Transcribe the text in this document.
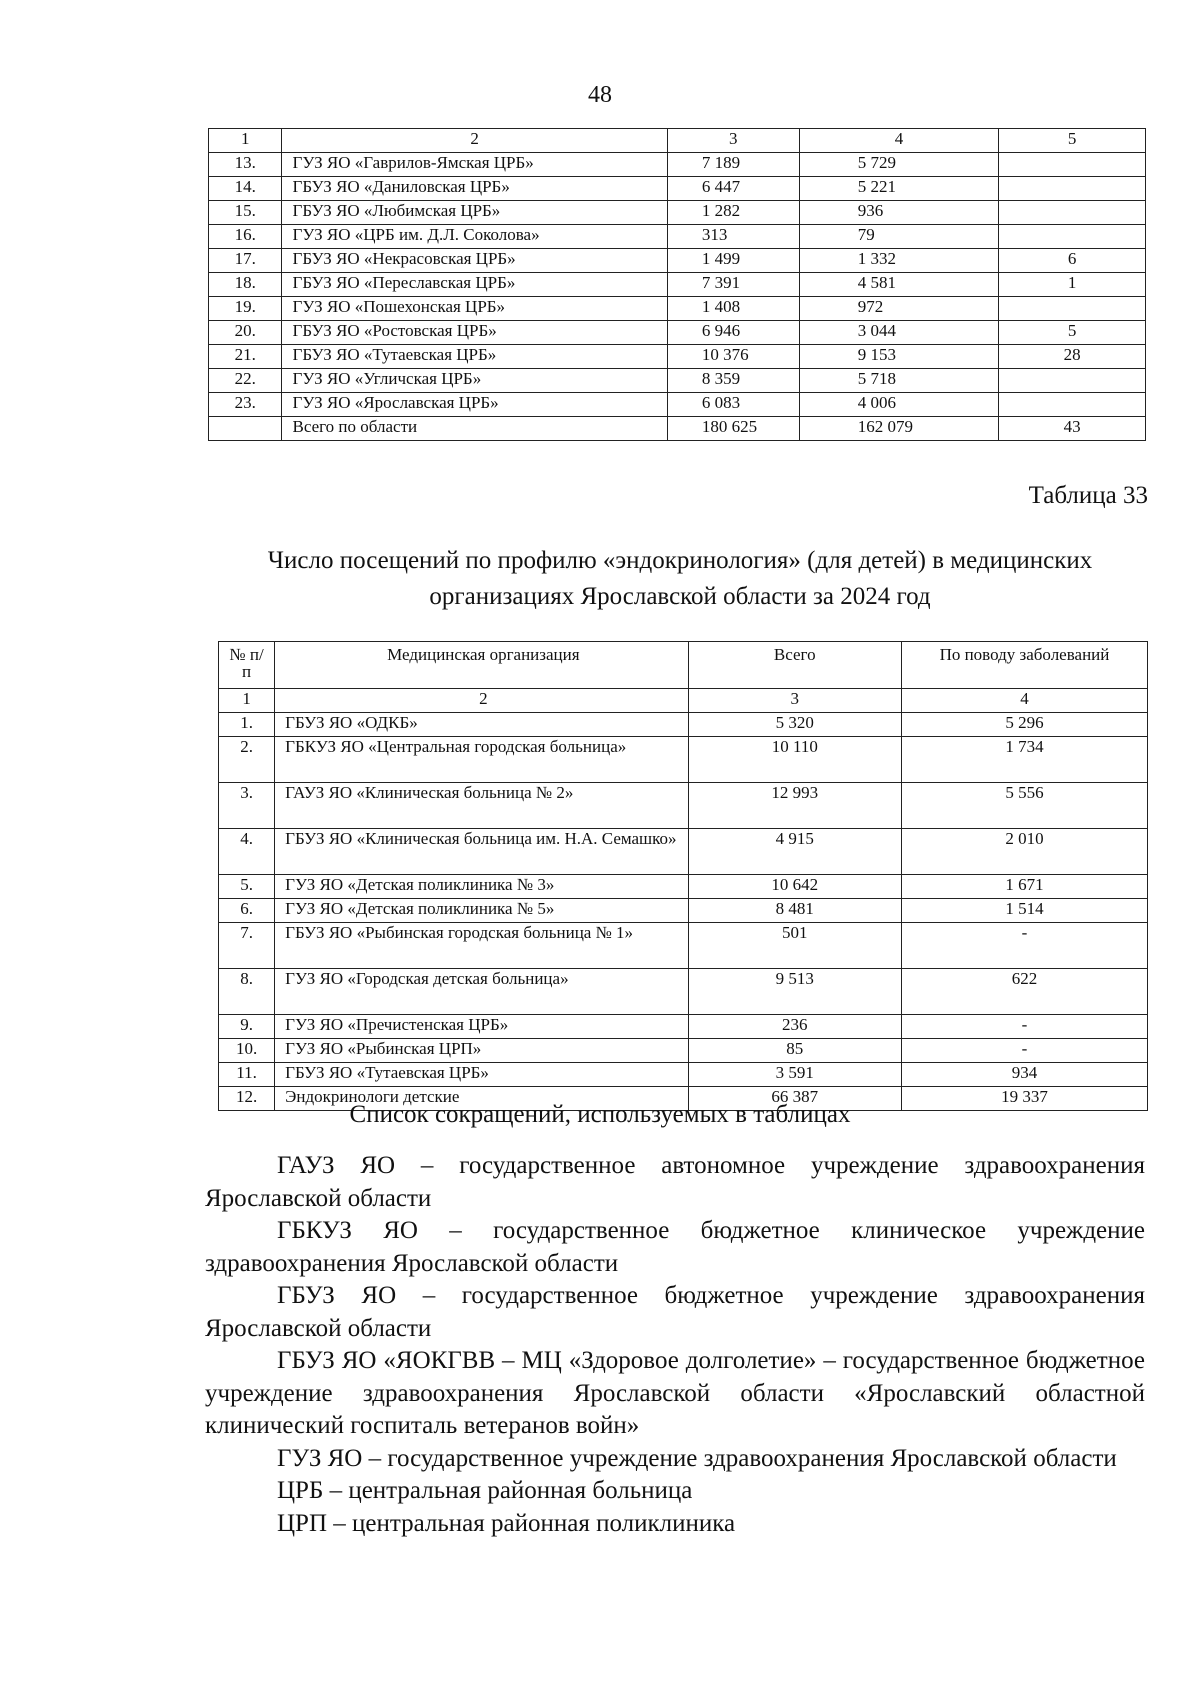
48
1	2	3	4	5
13.	ГУЗ ЯО «Гаврилов-Ямская ЦРБ»	7 189	5 729	
14.	ГБУЗ ЯО «Даниловская ЦРБ»	6 447	5 221	
15.	ГБУЗ ЯО «Любимская ЦРБ»	1 282	936	
16.	ГУЗ ЯО «ЦРБ им. Д.Л. Соколова»	313	79	
17.	ГБУЗ ЯО «Некрасовская ЦРБ»	1 499	1 332	6
18.	ГБУЗ ЯО «Переславская ЦРБ»	7 391	4 581	1
19.	ГУЗ ЯО «Пошехонская ЦРБ»	1 408	972	
20.	ГБУЗ ЯО «Ростовская ЦРБ»	6 946	3 044	5
21.	ГБУЗ ЯО «Тутаевская ЦРБ»	10 376	9 153	28
22.	ГУЗ ЯО «Угличская ЦРБ»	8 359	5 718	
23.	ГУЗ ЯО «Ярославская ЦРБ»	6 083	4 006	
	Всего по области	180 625	162 079	43
Таблица 33
Число посещений по профилю «эндокринология» (для детей) в медицинских организациях Ярославской области за 2024 год
№ п/п	Медицинская организация	Всего	По поводу заболеваний
1	2	3	4
1.	ГБУЗ ЯО «ОДКБ»	5 320	5 296
2.	ГБКУЗ ЯО «Центральная городская больница»	10 110	1 734
3.	ГАУЗ ЯО «Клиническая больница № 2»	12 993	5 556
4.	ГБУЗ ЯО «Клиническая больница им. Н.А. Семашко»	4 915	2 010
5.	ГУЗ ЯО «Детская поликлиника № 3»	10 642	1 671
6.	ГУЗ ЯО «Детская поликлиника № 5»	8 481	1 514
7.	ГБУЗ ЯО «Рыбинская городская больница № 1»	501	-
8.	ГУЗ ЯО «Городская детская больница»	9 513	622
9.	ГУЗ ЯО «Пречистенская ЦРБ»	236	-
10.	ГУЗ ЯО «Рыбинская ЦРП»	85	-
11.	ГБУЗ ЯО «Тутаевская ЦРБ»	3 591	934
12.	Эндокринологи детские	66 387	19 337
Список сокращений, используемых в таблицах
ГАУЗ ЯО – государственное автономное учреждение здравоохранения Ярославской области
ГБКУЗ ЯО – государственное бюджетное клиническое учреждение здравоохранения Ярославской области
ГБУЗ ЯО – государственное бюджетное учреждение здравоохранения Ярославской области
ГБУЗ ЯО «ЯОКГВВ – МЦ «Здоровое долголетие» – государственное бюджетное учреждение здравоохранения Ярославской области «Ярославский областной клинический госпиталь ветеранов войн»
ГУЗ ЯО – государственное учреждение здравоохранения Ярославской области
ЦРБ – центральная районная больница
ЦРП – центральная районная поликлиника
